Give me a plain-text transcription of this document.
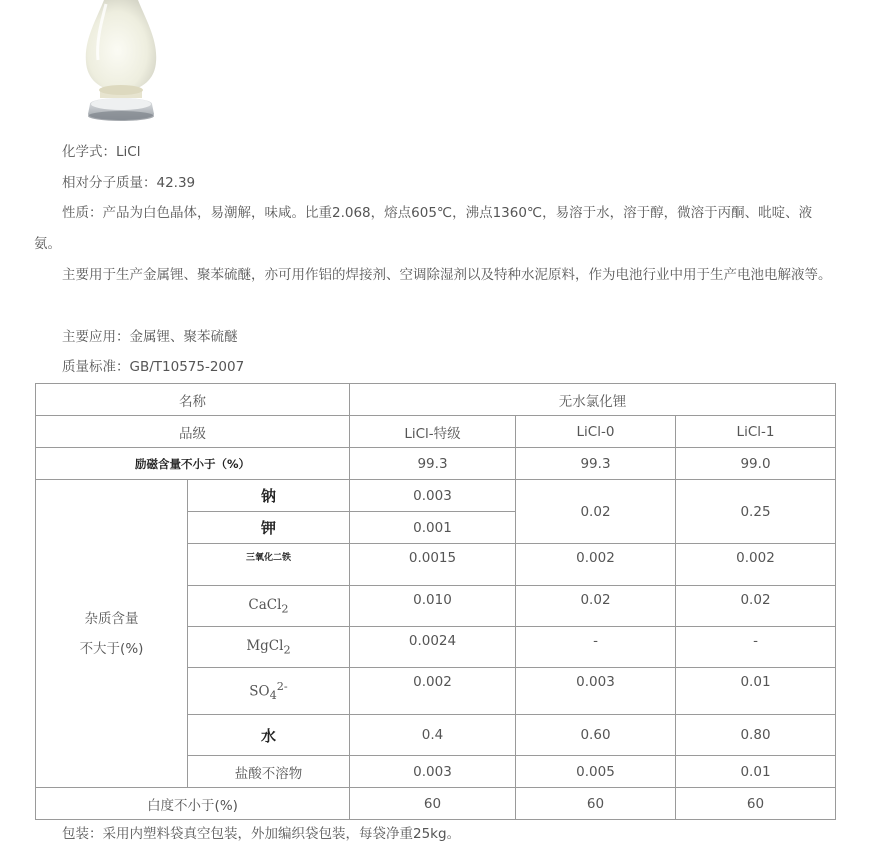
化学式：LiCl
相对分子质量：42.39
性质：产品为白色晶体，易潮解，味咸。比重2.068，熔点605℃，沸点1360℃，易溶于水，溶于醇，微溶于丙酮、吡啶、液氨。
主要用于生产金属锂、聚苯硫醚，亦可用作铝的焊接剂、空调除湿剂以及特种水泥原料，作为电池行业中用于生产电池电解液等。
主要应用：金属锂、聚苯硫醚
质量标准：GB/T10575-2007
名称		无水氯化锂		
品级		LiCl-特级	LiCl-0	LiCl-1
励磁含量不小于（%）		99.3	99.3	99.0

杂质含量
不大于(%)	钠	0.003	0.02	0.25
	钾	0.001		
	三氧化二铁	0.0015	0.002	0.002
	CaCl$_2$	0.010	0.02	0.02
	MgCl$_2$	0.0024	-	-
	$SO_4^{2-}$	0.002	0.003	0.01
	水	0.4	0.60	0.80
	盐酸不溶物	0.003	0.005	0.01
白度不小于(%)		60	60	60
包装：采用内塑料袋真空包装，外加编织袋包装，每袋净重25kg。
